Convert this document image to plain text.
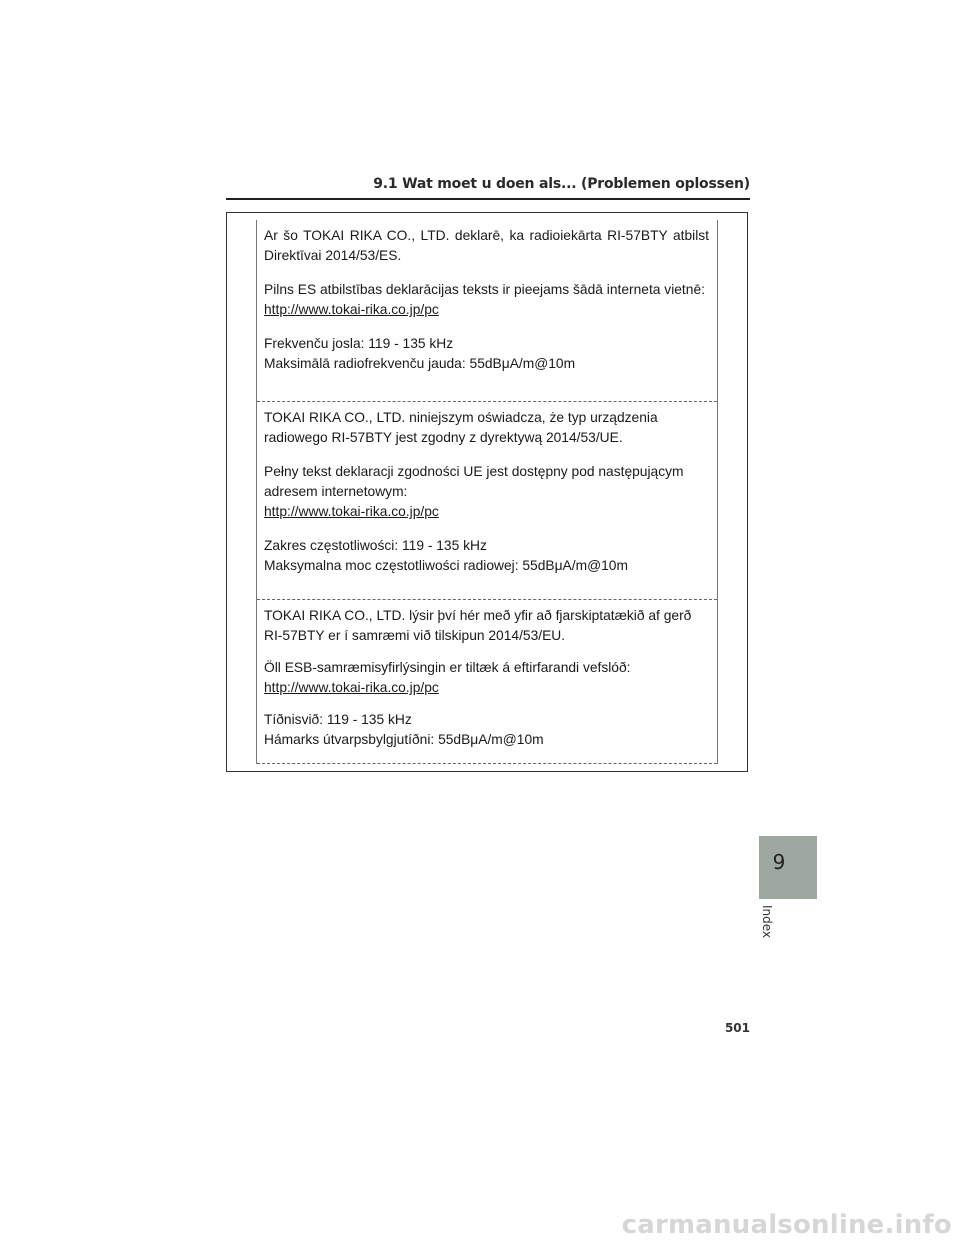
9.1 Wat moet u doen als... (Problemen oplossen)

Ar šo TOKAI RIKA CO., LTD. deklarē, ka radioiekārta RI-57BTY atbilst Direktīvai 2014/53/ES.

Pilns ES atbilstības deklarācijas teksts ir pieejams šādā interneta vietnē:

http://www.tokai-rika.co.jp/pc

Frekvenču josla: 119 - 135 kHz

Maksimālā radiofrekvenču jauda: 55dBμA/m@10m

TOKAI RIKA CO., LTD. niniejszym oświadcza, że typ urządzenia radiowego RI-57BTY jest zgodny z dyrektywą 2014/53/UE.

Pełny tekst deklaracji zgodności UE jest dostępny pod następującym adresem internetowym:

http://www.tokai-rika.co.jp/pc

Zakres częstotliwości: 119 - 135 kHz

Maksymalna moc częstotliwości radiowej: 55dBμA/m@10m

TOKAI RIKA CO., LTD. lýsir því hér með yfir að fjarskiptatækið af gerð RI-57BTY er í samræmi við tilskipun 2014/53/EU.

Öll ESB-samræmisyfirlýsingin er tiltæk á eftirfarandi vefslóð:

http://www.tokai-rika.co.jp/pc

Tíðnisvið: 119 - 135 kHz

Hámarks útvarpsbylgjutíðni: 55dBμA/m@10m

9
Index
501
carmanualsonline.info
